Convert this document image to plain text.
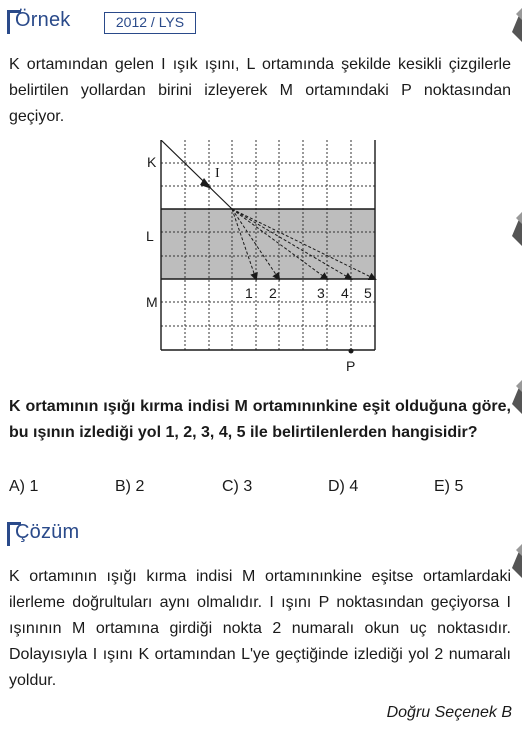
Örnek	2012 / LYS
K ortamından gelen I ışık ışını, L ortamında şekilde kesikli çizgilerle belirtilen yollardan birini izleyerek M ortamındaki P noktasından geçiyor.
K
L
M
I
1 2	3 4 5
P
K ortamının ışığı kırma indisi M ortamınınkine eşit olduğuna göre, bu ışının izlediği yol 1, 2, 3, 4, 5 ile belirtilenlerden hangisidir?
A) 1	B) 2	C) 3	D) 4	E) 5
Çözüm
K ortamının ışığı kırma indisi M ortamınınkine eşitse ortamlardaki ilerleme doğrultuları aynı olmalıdır. I ışını P noktasından geçiyorsa I ışınının M ortamına girdiği nokta 2 numaralı okun uç noktasıdır. Dolayısıyla I ışını K ortamından L'ye geçtiğinde izlediği yol 2 numaralı yoldur.
Doğru Seçenek B
